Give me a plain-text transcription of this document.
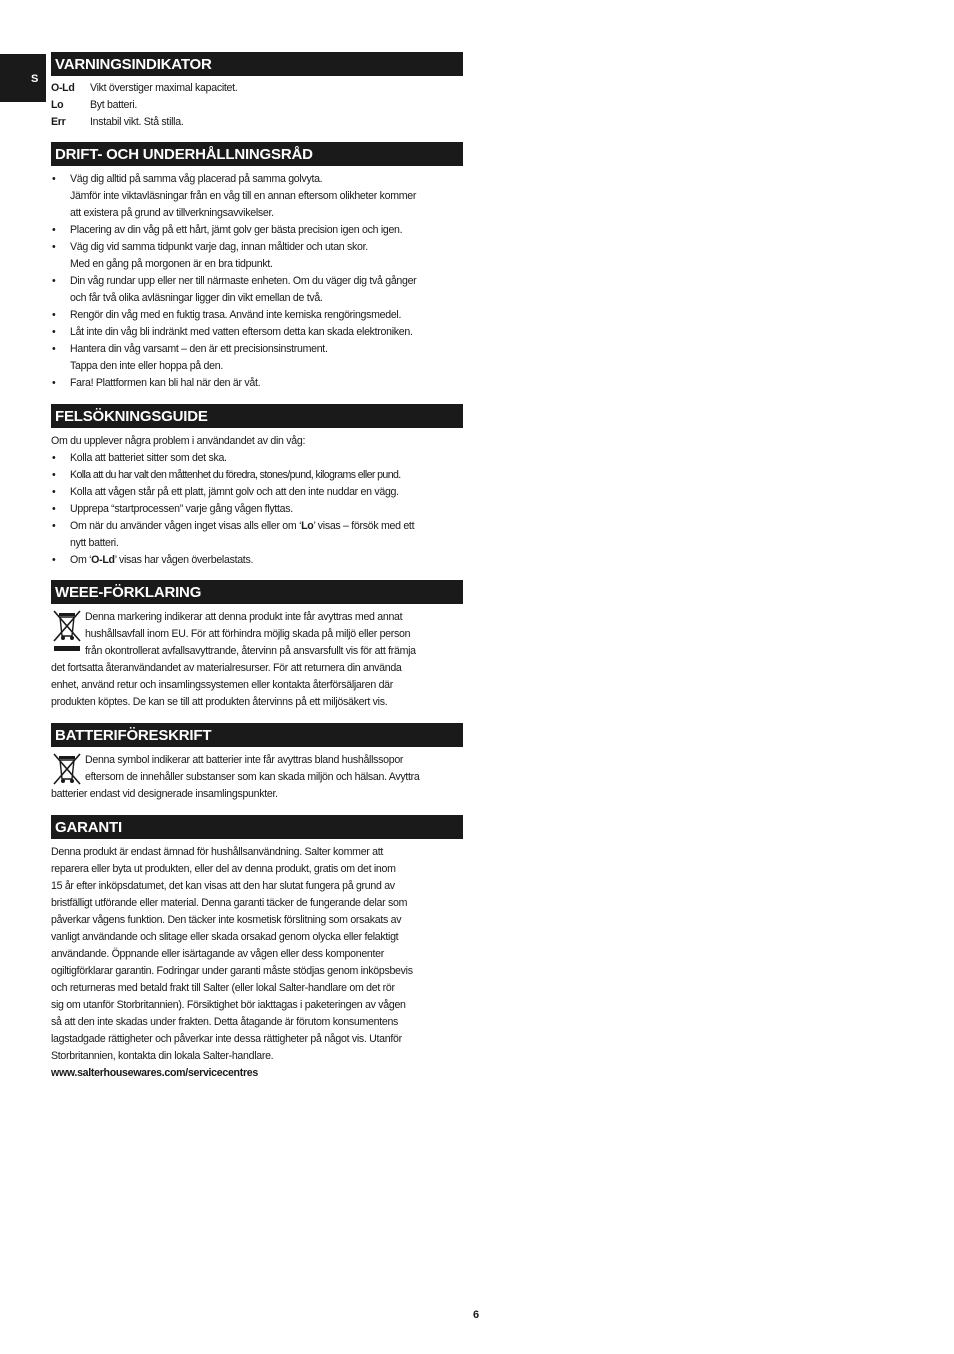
S
VARNINGSINDIKATOR
O-Ld	Vikt överstiger maximal kapacitet.
Lo	Byt batteri.
Err	Instabil vikt. Stå stilla.
DRIFT- OCH UNDERHÅLLNINGSRÅD
• Väg dig alltid på samma våg placerad på samma golvyta.
Jämför inte viktavläsningar från en våg till en annan eftersom olikheter kommer
att existera på grund av tillverkningsavvikelser.
• Placering av din våg på ett hårt, jämt golv ger bästa precision igen och igen.
• Väg dig vid samma tidpunkt varje dag, innan måltider och utan skor.
Med en gång på morgonen är en bra tidpunkt.
• Din våg rundar upp eller ner till närmaste enheten. Om du väger dig två gånger
och får två olika avläsningar ligger din vikt emellan de två.
• Rengör din våg med en fuktig trasa. Använd inte kemiska rengöringsmedel.
• Låt inte din våg bli indränkt med vatten eftersom detta kan skada elektroniken.
• Hantera din våg varsamt – den är ett precisionsinstrument.
Tappa den inte eller hoppa på den.
• Fara! Plattformen kan bli hal när den är våt.
FELSÖKNINGSGUIDE
Om du upplever några problem i användandet av din våg:
• Kolla att batteriet sitter som det ska.
• Kolla att du har valt den måttenhet du föredra, stones/pund, kilograms eller pund.
• Kolla att vågen står på ett platt, jämnt golv och att den inte nuddar en vägg.
• Upprepa “startprocessen” varje gång vågen flyttas.
• Om när du använder vågen inget visas alls eller om ‘Lo’ visas – försök med ett
nytt batteri.
• Om ‘O-Ld’ visas har vågen överbelastats.
WEEE-FÖRKLARING
Denna markering indikerar att denna produkt inte får avyttras med annat
hushållsavfall inom EU. För att förhindra möjlig skada på miljö eller person
från okontrollerat avfallsavyttrande, återvinn på ansvarsfullt vis för att främja
det fortsatta återanvändandet av materialresurser. För att returnera din använda
enhet, använd retur och insamlingssystemen eller kontakta återförsäljaren där
produkten köptes. De kan se till att produkten återvinns på ett miljösäkert vis.
BATTERIFÖRESKRIFT
Denna symbol indikerar att batterier inte får avyttras bland hushållssopor
eftersom de innehåller substanser som kan skada miljön och hälsan. Avyttra
batterier endast vid designerade insamlingspunkter.
GARANTI
Denna produkt är endast ämnad för hushållsanvändning. Salter kommer att
reparera eller byta ut produkten, eller del av denna produkt, gratis om det inom
15 år efter inköpsdatumet, det kan visas att den har slutat fungera på grund av
bristfälligt utförande eller material. Denna garanti täcker de fungerande delar som
påverkar vågens funktion. Den täcker inte kosmetisk förslitning som orsakats av
vanligt användande och slitage eller skada orsakad genom olycka eller felaktigt
användande. Öppnande eller isärtagande av vågen eller dess komponenter
ogiltigförklarar garantin. Fodringar under garanti måste stödjas genom inköpsbevis
och returneras med betald frakt till Salter (eller lokal Salter-handlare om det rör
sig om utanför Storbritannien). Försiktighet bör iakttagas i paketeringen av vågen
så att den inte skadas under frakten. Detta åtagande är förutom konsumentens
lagstadgade rättigheter och påverkar inte dessa rättigheter på något vis. Utanför
Storbritannien, kontakta din lokala Salter-handlare.
www.salterhousewares.com/servicecentres
6
